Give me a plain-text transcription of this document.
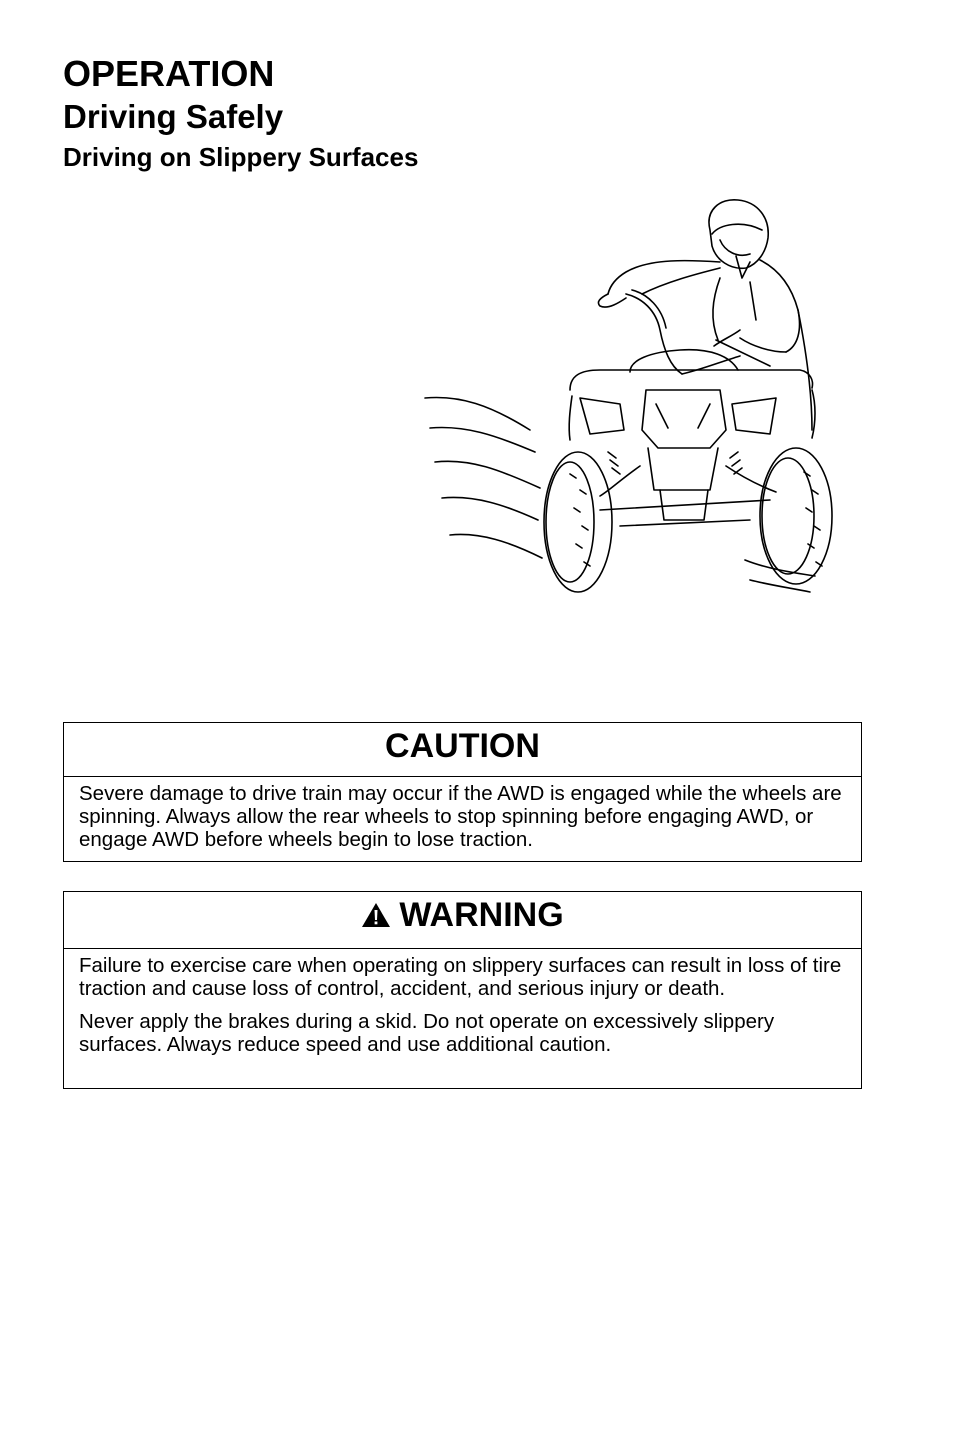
OPERATION
Driving Safely
Driving on Slippery Surfaces
CAUTION

Severe damage to drive train may occur if the AWD is engaged while the wheels are spinning. Always allow the rear wheels to stop spinning before engaging AWD, or engage AWD before wheels begin to lose traction.

WARNING

Failure to exercise care when operating on slippery surfaces can result in loss of tire traction and cause loss of control, accident, and serious injury or death.

Never apply the brakes during a skid. Do not operate on excessively slippery surfaces. Always reduce speed and use additional caution.
